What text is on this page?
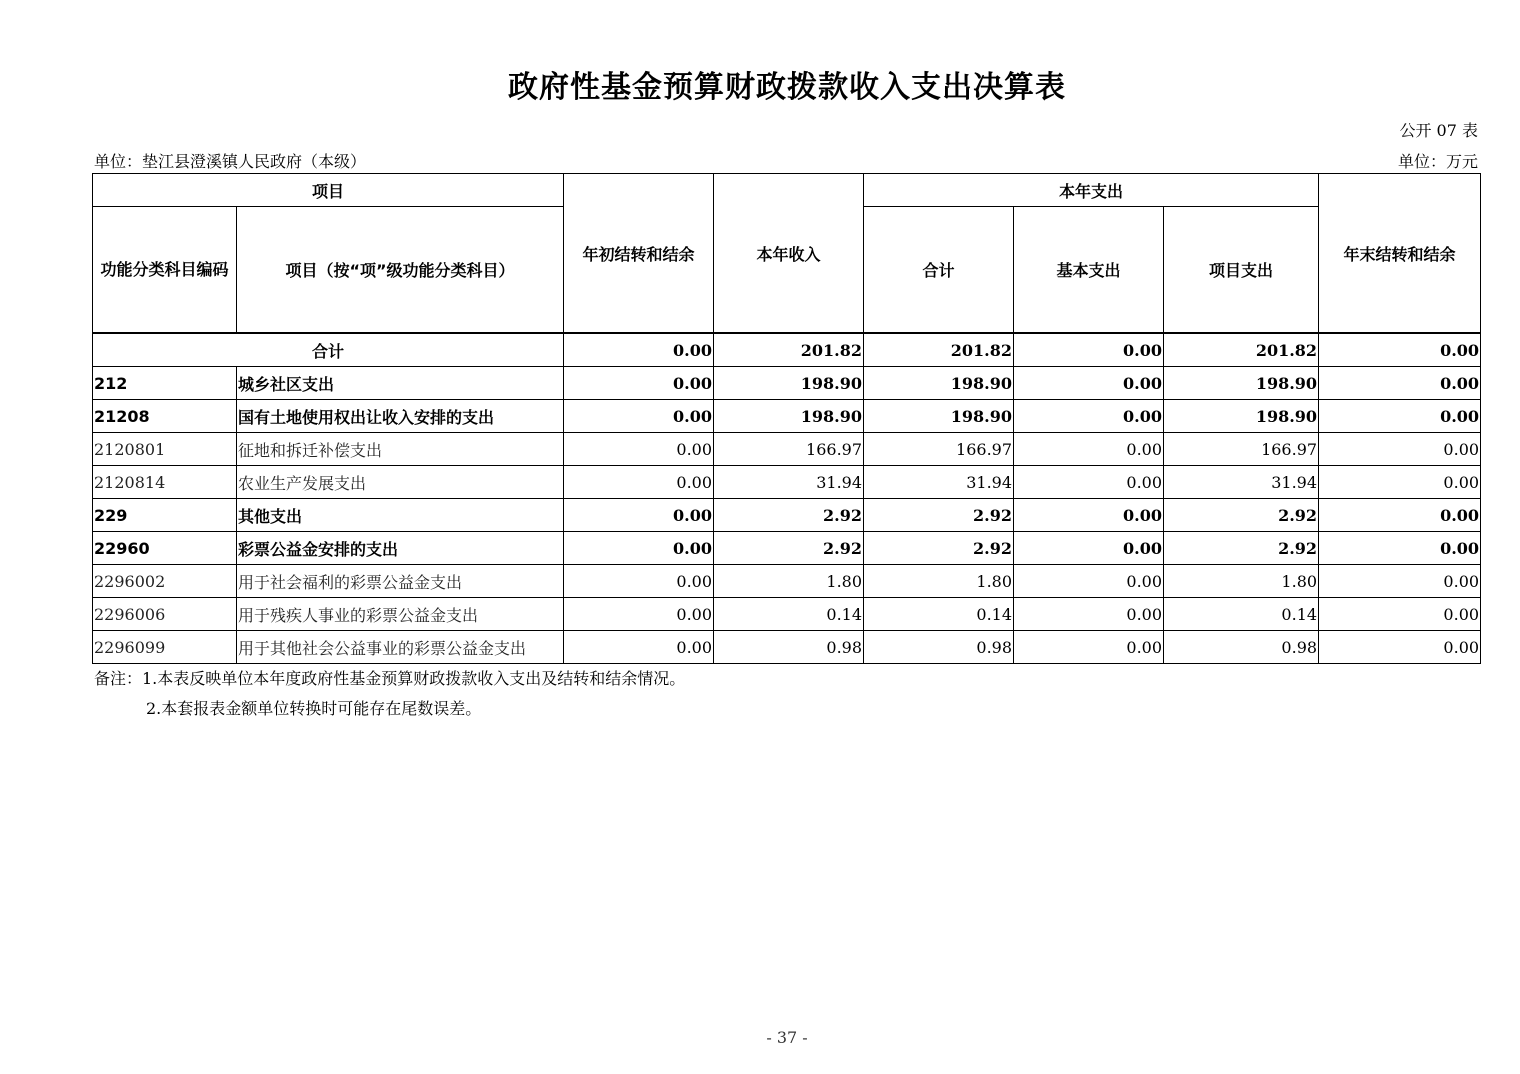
政府性基金预算财政拨款收入支出决算表
公开 07 表
单位：垫江县澄溪镇人民政府（本级）	单位：万元
项目		年初结转和结余	本年收入	本年支出			年末结转和结余
功能分类科目编码	项目（按“项”级功能分类科目）			合计	基本支出	项目支出	
合计		0.00	201.82	201.82	0.00	201.82	0.00
212	城乡社区支出	0.00	198.90	198.90	0.00	198.90	0.00
21208	国有土地使用权出让收入安排的支出	0.00	198.90	198.90	0.00	198.90	0.00
2120801	征地和拆迁补偿支出	0.00	166.97	166.97	0.00	166.97	0.00
2120814	农业生产发展支出	0.00	31.94	31.94	0.00	31.94	0.00
229	其他支出	0.00	2.92	2.92	0.00	2.92	0.00
22960	彩票公益金安排的支出	0.00	2.92	2.92	0.00	2.92	0.00
2296002	用于社会福利的彩票公益金支出	0.00	1.80	1.80	0.00	1.80	0.00
2296006	用于残疾人事业的彩票公益金支出	0.00	0.14	0.14	0.00	0.14	0.00
2296099	用于其他社会公益事业的彩票公益金支出	0.00	0.98	0.98	0.00	0.98	0.00
备注：1.本表反映单位本年度政府性基金预算财政拨款收入支出及结转和结余情况。
2.本套报表金额单位转换时可能存在尾数误差。
- 37 -
